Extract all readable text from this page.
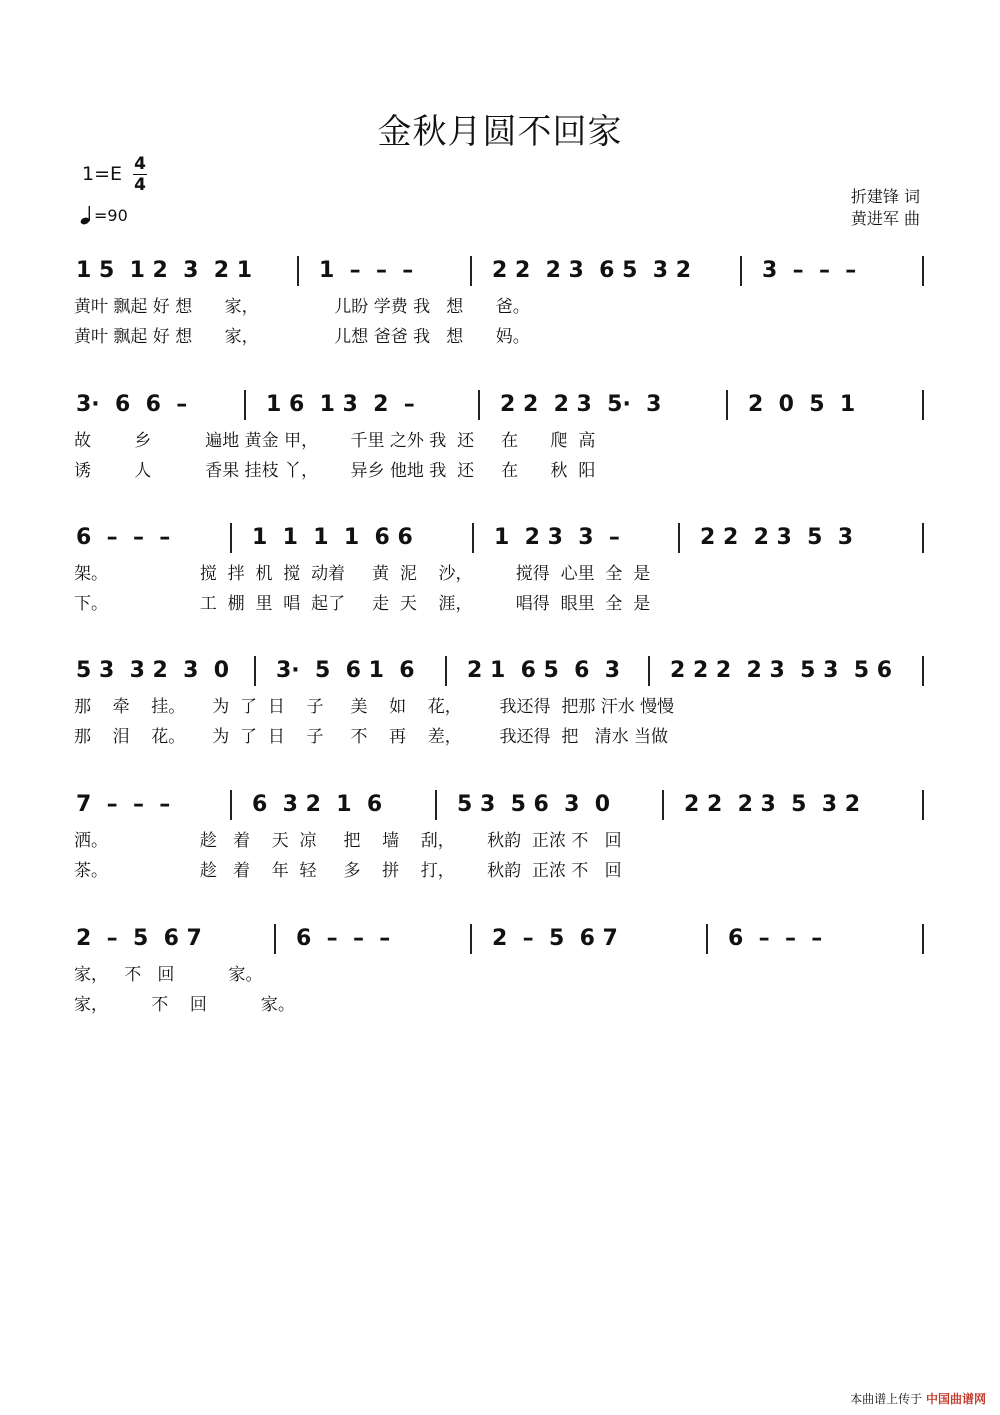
金秋月圆不回家
1=E 4
4
=90
折建锋 词
黄进军 曲
1 5  1 2  3  2 1	1  –  –  –	2 2  2 3  6 5  3 2	3  –  –  –
黄叶 飘起 好 想      家，              儿盼 学费 我   想      爸。
黄叶 飘起 好 想      家，              儿想 爸爸 我   想      妈。
3·  6  6  –	1 6  1 3  2  –	2 2  2 3  5·  3	2  0  5  1
故        乡          遍地 黄金 甲，      千里 之外 我  还     在      爬  高
诱        人          香果 挂枝 丫，      异乡 他地 我  还     在      秋  阳
6  –  –  –	1  1  1  1  6 6	1  2 3  3  –	2 2  2 3  5  3
架。                 搅  拌  机  搅  动着     黄  泥    沙，        搅得  心里  全  是
下。                 工  棚  里  唱  起了     走  天    涯，        唱得  眼里  全  是
5 3  3 2  3  0 3·  5  6 1  6 2 1  6 5  6  3 2 2 2  2 3  5 3  5 6
那    牵    挂。     为  了  日    子     美    如    花，       我还得  把那 汗水 慢慢
那    泪    花。     为  了  日    子     不    再    差，       我还得  把   清水 当做
7  –  –  –	6  3 2  1  6	5 3  5 6  3  0	2 2  2 3  5  3 2
洒。                 趁   着    天  凉     把    墙    刮，      秋韵  正浓 不   回
茶。                 趁   着    年  轻     多    拼    打，      秋韵  正浓 不   回
2  –  5  6 7	6  –  –  –	2  –  5  6 7	6  –  –  –
家，   不   回          家。
家，        不    回          家。
本曲谱上传于 中国曲谱网
